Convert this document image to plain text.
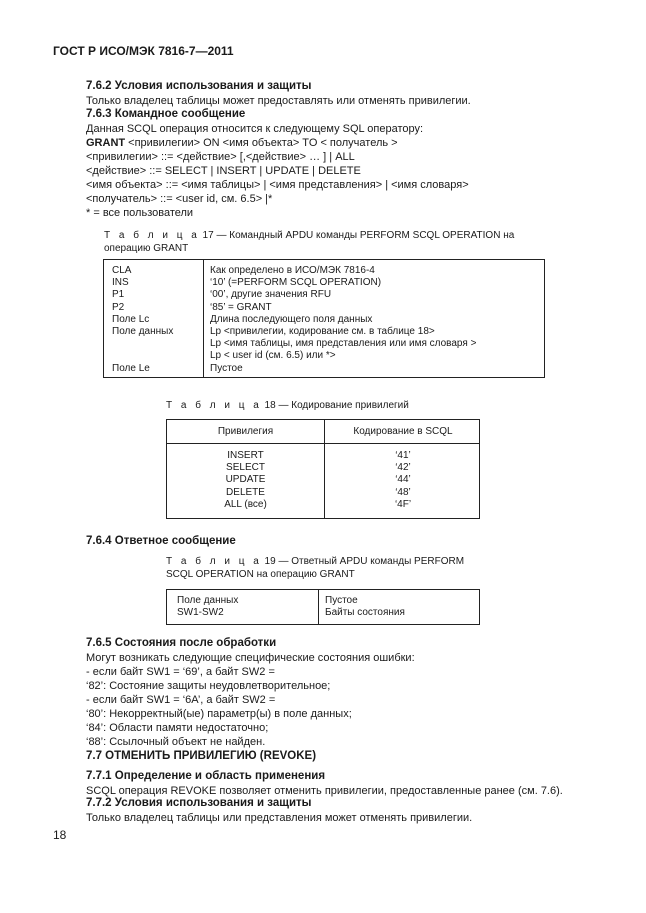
ГОСТ Р ИСО/МЭК 7816-7—2011
7.6.2 Условия использования и защиты
Только владелец таблицы может предоставлять или отменять привилегии.
7.6.3 Командное сообщение
Данная SCQL операция относится к следующему SQL оператору:
GRANT <привилегии> ON <имя объекта> TO < получатель >
<привилегии> ::= <действие> [,<действие> … ] | ALL
<действие> ::= SELECT | INSERT | UPDATE | DELETE
<имя объекта> ::= <имя таблицы> | <имя представления> | <имя словаря>
<получатель> ::= <user id, см. 6.5> |*
* = все пользователи
Т а б л и ц а 17 — Командный APDU команды PERFORM SCQL OPERATION на операцию GRANT
CLA
INS
P1
P2
Поле Lc
Поле данных
Поле Le
Как определено в ИСО/МЭК 7816-4
‘10’ (=PERFORM SCQL OPERATION)
‘00’, другие значения RFU
‘85’ = GRANT
Длина последующего поля данных
Lp <привилегии, кодирование см. в таблице 18>
Lp <имя таблицы, имя представления или имя словаря >
Lp < user id (см. 6.5) или *>
Пустое
Т а б л и ц а 18 — Кодирование привилегий
Привилегия	Кодирование в SCQL
INSERT
SELECT
UPDATE
DELETE
ALL (все)
‘41’
‘42’
‘44’
‘48’
‘4F’
7.6.4 Ответное сообщение
Т а б л и ц а 19 — Ответный APDU команды PERFORM SCQL OPERATION на операцию GRANT
Поле данных
SW1-SW2
Пустое
Байты состояния
7.6.5 Состояния после обработки
Могут возникать следующие специфические состояния ошибки:
- если байт SW1 = ‘69’, а байт SW2 =
‘82’: Состояние защиты неудовлетворительное;
- если байт SW1 = ‘6A’, а байт SW2 =
‘80’: Некорректный(ые) параметр(ы) в поле данных;
‘84’: Области памяти недостаточно;
‘88’: Ссылочный объект не найден.
7.7 ОТМЕНИТЬ ПРИВИЛЕГИЮ (REVOKE)
7.7.1 Определение и область применения
SCQL операция REVOKE позволяет отменить привилегии, предоставленные ранее (см. 7.6).
7.7.2 Условия использования и защиты
Только владелец таблицы или представления может отменять привилегии.
18
